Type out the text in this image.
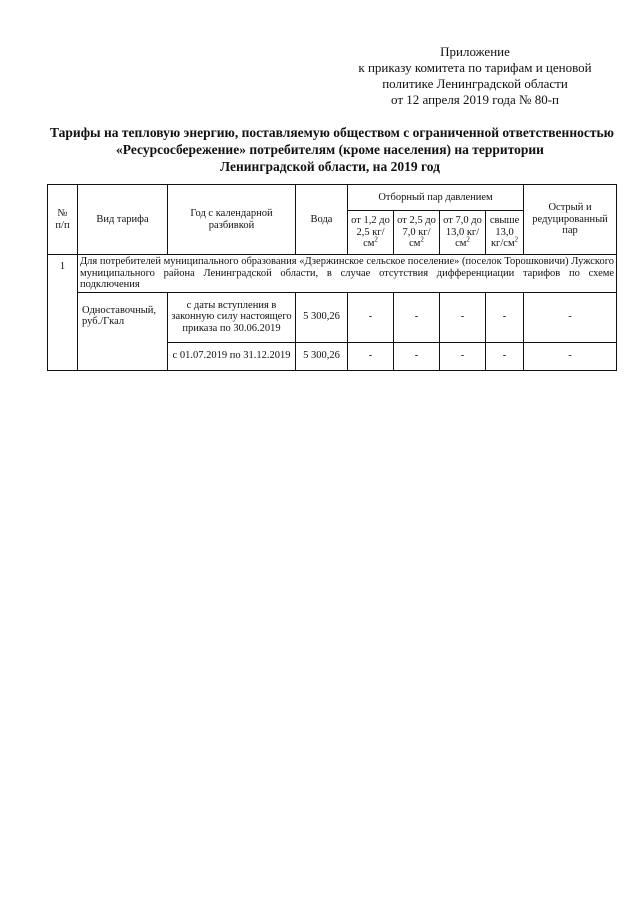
Приложение
к приказу комитета по тарифам и ценовой
политике Ленинградской области
от 12 апреля 2019 года № 80-п
Тарифы на тепловую энергию, поставляемую обществом с ограниченной ответственностью
«Ресурсосбережение» потребителям (кроме населения) на территории
Ленинградской области, на 2019 год
№
п/п	Вид тарифа	Год с календарной разбивкой	Вода	Отборный пар давлением				Острый и редуцированный пар
				от 1,2 до 2,5 $кг/см^2$	от 2,5 до 7,0 $кг/см^2$	от 7,0 до 13,0 $кг/см^2$	свыше 13,0 $кг/см^2$
1	Для потребителей муниципального образования «Дзержинское сельское поселение» (поселок Торошковичи) Лужского муниципального района Ленинградской области, в случае отсутствия дифференциации тарифов по схеме подключения							
	Одноставочный, руб./Гкал	с даты вступления в законную силу настоящего приказа по 30.06.2019	5 300,26	-	-	-	-	-
		с 01.07.2019 по 31.12.2019	5 300,26	-	-	-	-	-
